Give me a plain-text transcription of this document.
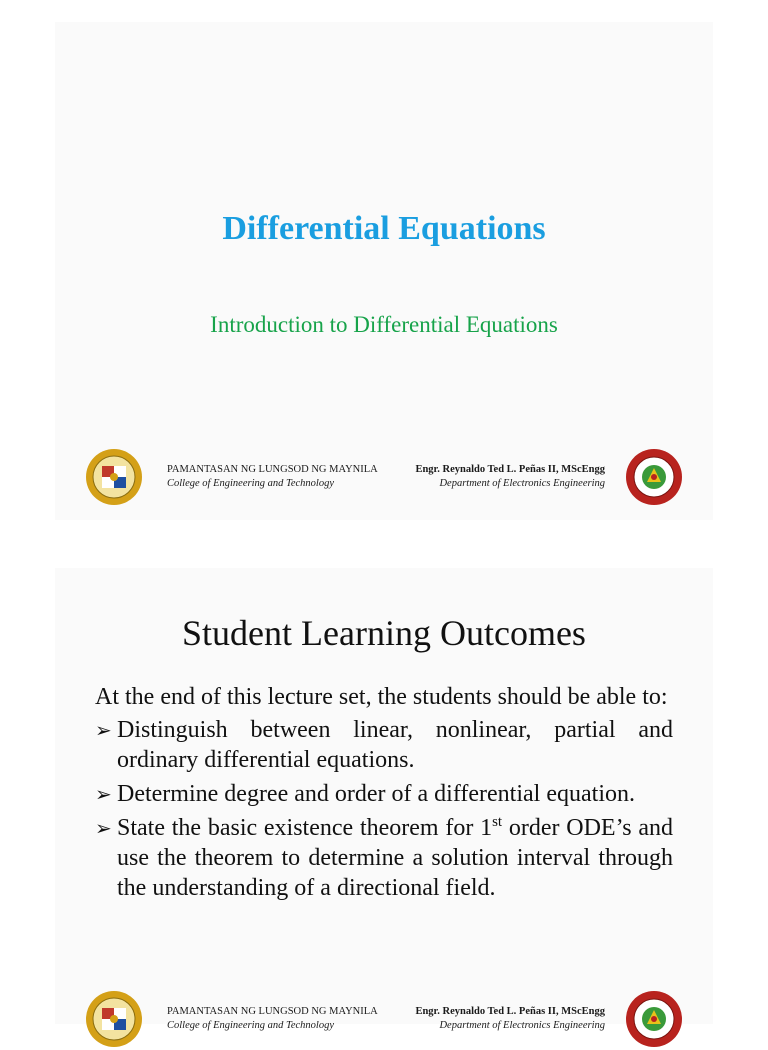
Differential Equations
Introduction to Differential Equations
PAMANTASAN NG LUNGSOD NG MAYNILA
College of Engineering and Technology
Engr. Reynaldo Ted L. Peñas II, MScEngg
Department of Electronics Engineering
Student Learning Outcomes

At the end of this lecture set, the students should be able to:

➢ Distinguish between linear, nonlinear, partial and ordinary differential equations.
➢ Determine degree and order of a differential equation.
➢ State the basic existence theorem for 1st order ODE’s and use the theorem to determine a solution interval through the understanding of a directional field.
PAMANTASAN NG LUNGSOD NG MAYNILA
College of Engineering and Technology
Engr. Reynaldo Ted L. Peñas II, MScEngg
Department of Electronics Engineering
